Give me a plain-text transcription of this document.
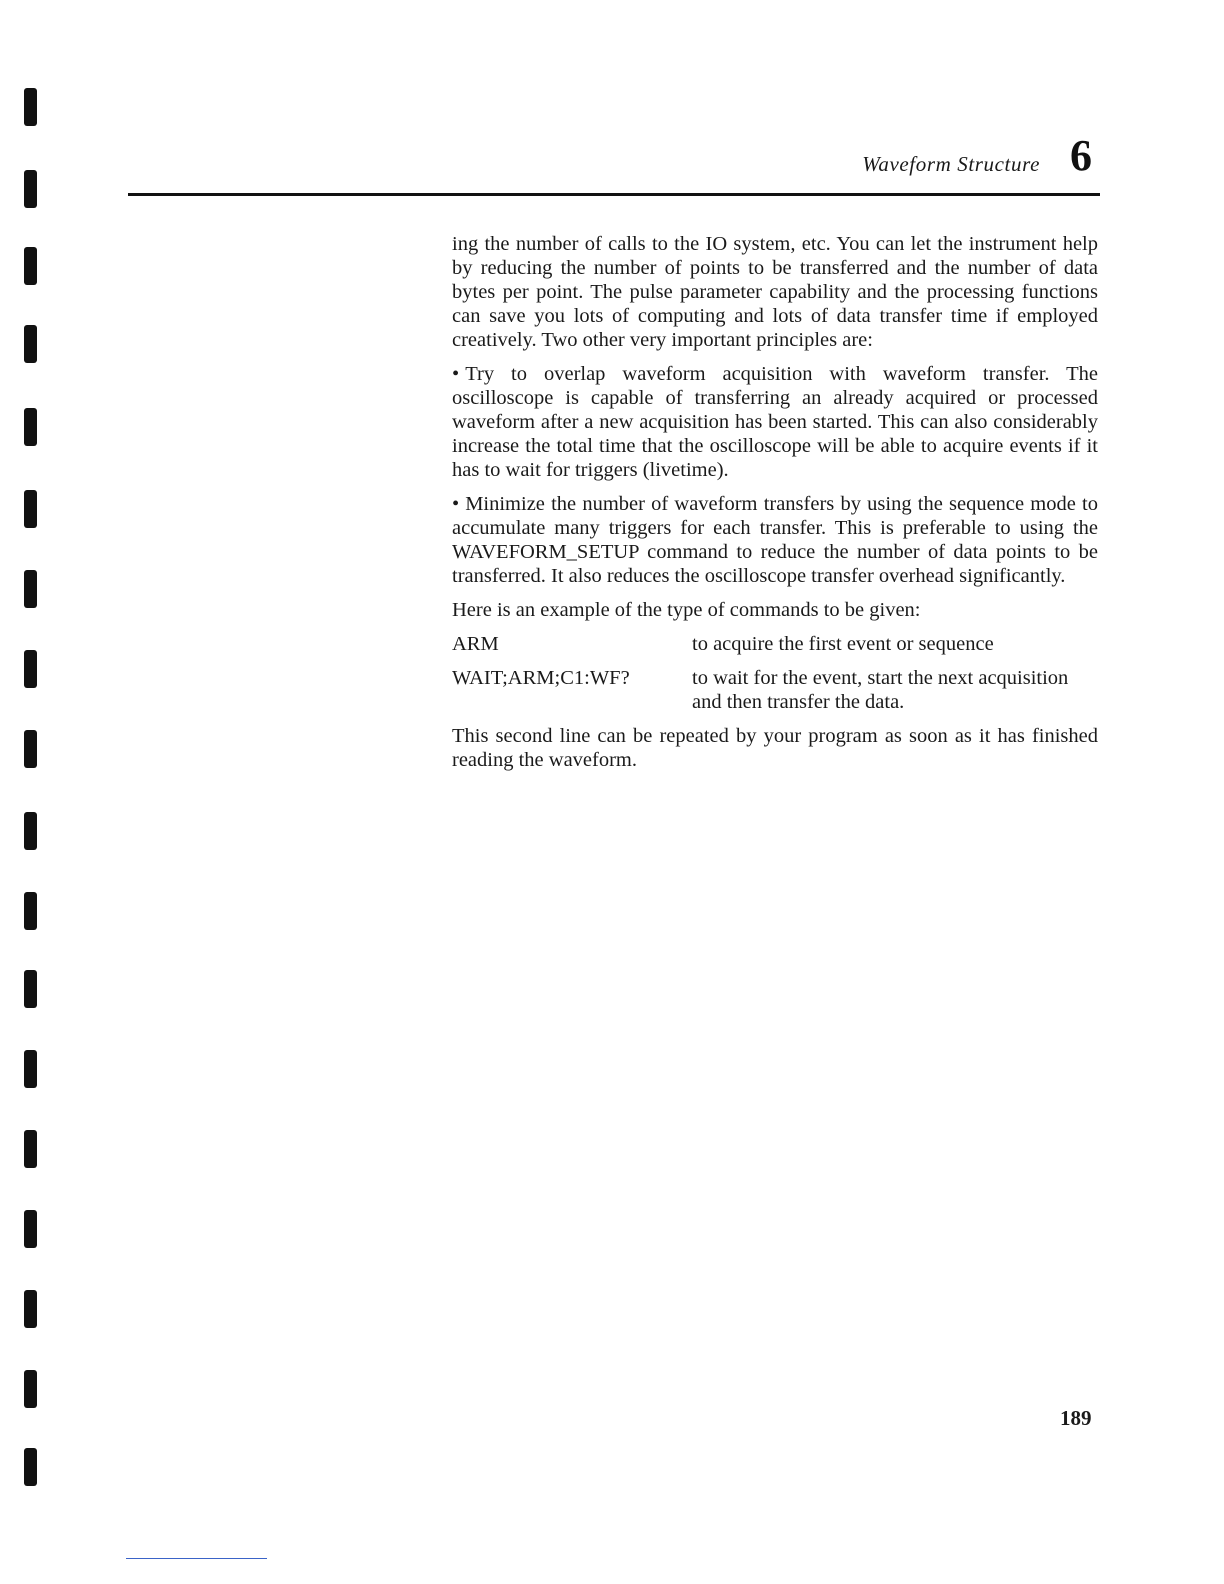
Waveform Structure 6

ing the number of calls to the IO system, etc. You can let the instrument help by reducing the number of points to be transferred and the number of data bytes per point. The pulse parameter capability and the processing functions can save you lots of computing and lots of data transfer time if employed creatively. Two other very important principles are:

• Try to overlap waveform acquisition with waveform transfer. The oscilloscope is capable of transferring an already acquired or processed waveform after a new acquisition has been started. This can also considerably increase the total time that the oscilloscope will be able to acquire events if it has to wait for triggers (livetime).

• Minimize the number of waveform transfers by using the sequence mode to accumulate many triggers for each transfer. This is preferable to using the WAVEFORM_SETUP command to reduce the number of data points to be transferred. It also reduces the oscilloscope transfer overhead significantly.

Here is an example of the type of commands to be given:

ARM	to acquire the first event or sequence
WAIT;ARM;C1:WF?	to wait for the event, start the next acquisition and then transfer the data.

This second line can be repeated by your program as soon as it has finished reading the waveform.

189
